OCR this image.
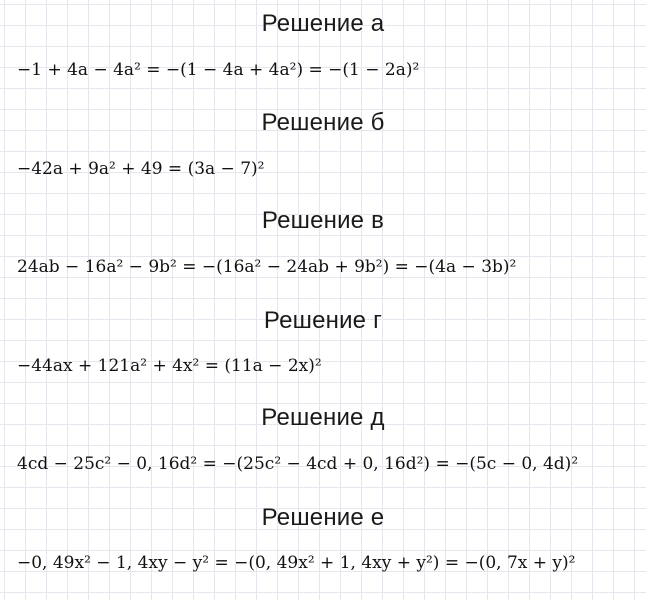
Решение а
−1 + 4a − 4a² = −(1 − 4a + 4a²) = −(1 − 2a)²
Решение б
−42a + 9a² + 49 = (3a − 7)²
Решение в
24ab − 16a² − 9b² = −(16a² − 24ab + 9b²) = −(4a − 3b)²
Решение г
−44ax + 121a² + 4x² = (11a − 2x)²
Решение д
4cd − 25c² − 0, 16d² = −(25c² − 4cd + 0, 16d²) = −(5c − 0, 4d)²
Решение е
−0, 49x² − 1, 4xy − y² = −(0, 49x² + 1, 4xy + y²) = −(0, 7x + y)²
